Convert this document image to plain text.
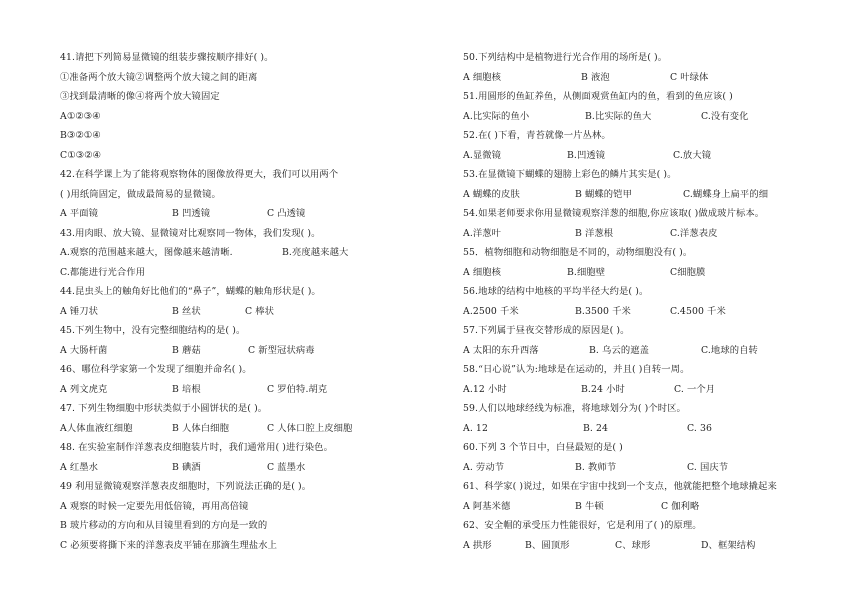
41.请把下列简易显微镜的组装步骤按顺序排好( )。
①准备两个放大镜②调整两个放大镜之间的距离
③找到最清晰的像④将两个放大镜固定
A①②③④
B③②①④
C①③②④
42.在科学课上为了能将观察物体的图像放得更大，我们可以用两个
( )用纸筒固定，做成最简易的显微镜。
A 平面镜	B 凹透镜	C 凸透镜
43.用肉眼、放大镜、显微镜对比观察同一物体，我们发现( )。
A.观察的范围越来越大，图像越来越清晰.	B.亮度越来越大
C.都能进行光合作用
44.昆虫头上的触角好比他们的“鼻子”，蝴蝶的触角形状是( )。
A 锤刀状	B 丝状	C 棒状
45.下列生物中，没有完整细胞结构的是( )。
A 大肠杆菌	B 蘑菇	C 新型冠状病毒
46、哪位科学家第一个发现了细胞并命名( )。
A 列文虎克	B 培根	C 罗伯特.胡克
47. 下列生物细胞中形状类似于小圆饼状的是( )。
A人体血液红细胞	B 人体白细胞	C 人体口腔上皮细胞
48. 在实验室制作洋葱表皮细胞装片时，我们通常用( )进行染色。
A 红墨水	B 碘酒	C 蓝墨水
49 利用显微镜观察洋葱表皮细胞时，下列说法正确的是( )。
A 观察的时候一定要先用低倍镜，再用高倍镜
B 玻片移动的方向和从目镜里看到的方向是一致的
C 必须要将撕下来的洋葱表皮平铺在那滴生理盐水上
50.下列结构中是植物进行光合作用的场所是( )。
A 细胞核	B 液泡	C 叶绿体
51.用圆形的鱼缸养鱼，从侧面观赏鱼缸内的鱼，看到的鱼应该( )
A.比实际的鱼小	B.比实际的鱼大	C.没有变化
52.在( )下看，青苔就像一片丛林。
A.显微镜	B.凹透镜	C.放大镜
53.在显微镜下蝴蝶的翅膀上彩色的鳞片其实是( )。
A 蝴蝶的皮肤	B 蝴蝶的铠甲	C.蝴蝶身上扁平的细
54.如果老师要求你用显微镜观察洋葱的细胞,你应该取( )做成玻片标本。
A.洋葱叶	B 洋葱根	C.洋葱表皮
55．植物细胞和动物细胞是不同的，动物细胞没有( )。
A 细胞核	B.细胞壁	C细胞膜
56.地球的结构中地核的平均半径大约是( )。
A.2500 千米	B.3500 千米	C.4500 千米
57.下列属于昼夜交替形成的原因是( )。
A 太阳的东升西落	B. 乌云的遮盖	C.地球的自转
58.“日心说”认为:地球是在运动的，并且( )自转一周。
A.12 小时	B.24 小时	C. 一个月
59.人们以地球经线为标准，将地球划分为( )个时区。
A. 12	B. 24	C. 36
60.下列 3 个节日中，白昼最短的是( )
A. 劳动节	B. 教师节	C. 国庆节
61、科学家( )说过，如果在宇宙中找到一个支点，他就能把整个地球撬起来
A 阿基米德	B 牛顿	C 伽利略
62、安全帽的承受压力性能很好，它是利用了( )的原理。
A 拱形	B、圆顶形	C、球形	D、框架结构
